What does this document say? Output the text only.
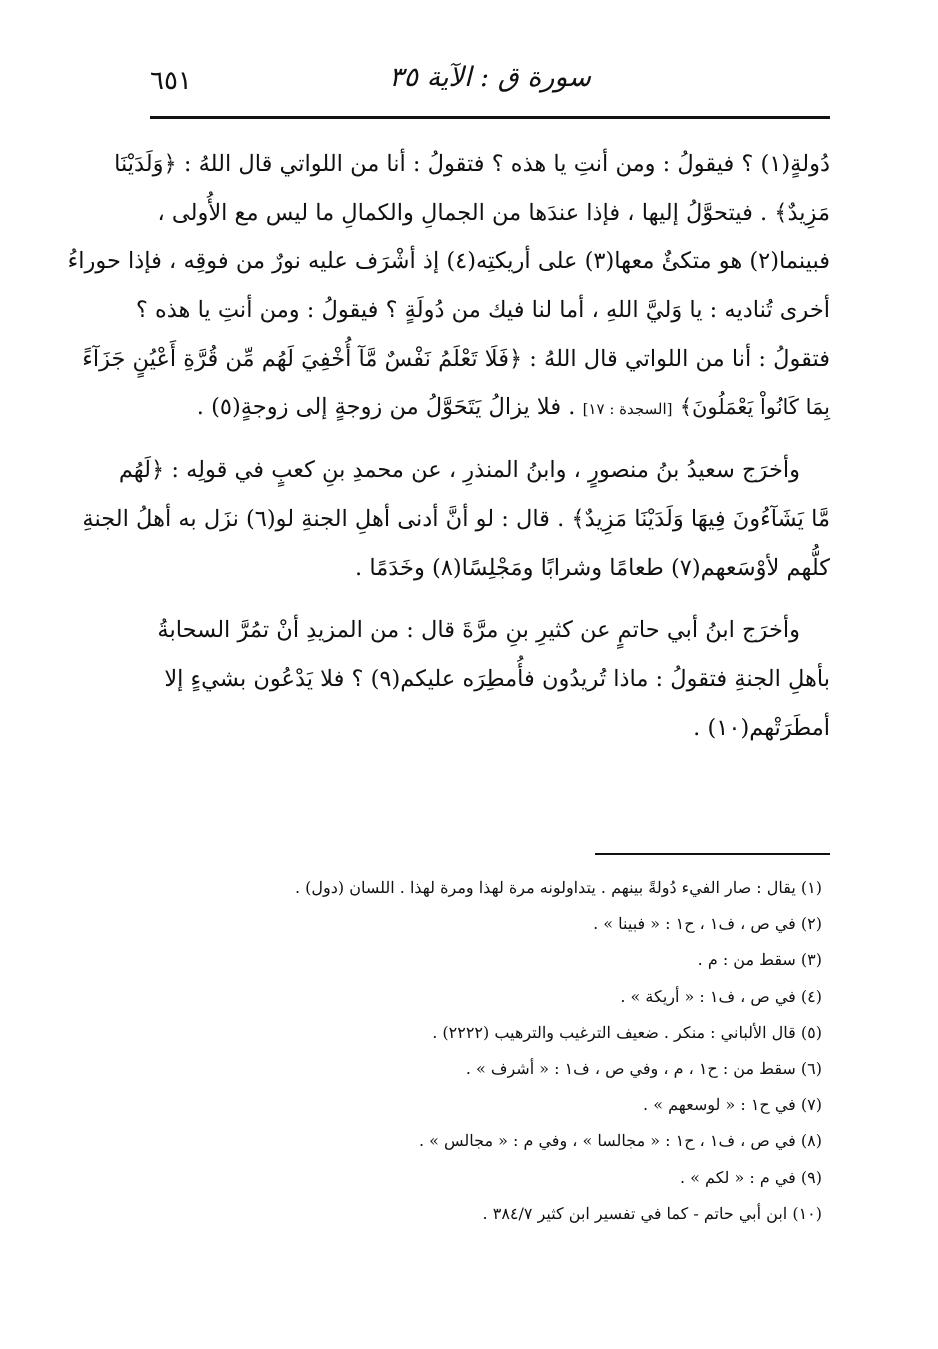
سورة ق : الآية ٣٥
٦٥١
دُولةٍ(١) ؟ فيقولُ : ومن أنتِ يا هذه ؟ فتقولُ : أنا من اللواتي قال اللهُ : ﴿وَلَدَيْنَا
مَزِيدٌ﴾ . فيتحوَّلُ إليها ، فإذا عندَها من الجمالِ والكمالِ ما ليس مع الأُولى ،
فبينما(٢) هو متكئٌ معها(٣) على أريكتِه(٤) إذ أشْرَف عليه نورٌ من فوقِه ، فإذا حوراءُ
أخرى تُناديه : يا وَليَّ اللهِ ، أما لنا فيك من دُولَةٍ ؟ فيقولُ : ومن أنتِ يا هذه ؟
فتقولُ : أنا من اللواتي قال اللهُ : ﴿فَلَا تَعْلَمُ نَفْسٌ مَّآ أُخْفِيَ لَهُم مِّن قُرَّةِ أَعْيُنٍ جَزَآءً
بِمَا كَانُواْ يَعْمَلُونَ﴾ [السجدة : ١٧] . فلا يزالُ يَتَحَوَّلُ من زوجةٍ إلى زوجةٍ(٥) .
وأخرَج سعيدُ بنُ منصورٍ ، وابنُ المنذرِ ، عن محمدِ بنِ كعبٍ في قولِه : ﴿لَهُم
مَّا يَشَآءُونَ فِيهَا وَلَدَيْنَا مَزِيدٌ﴾ . قال : لو أنَّ أدنى أهلِ الجنةِ لو(٦) نزَل به أهلُ الجنةِ
كلُّهم لأوْسَعهم(٧) طعامًا وشرابًا ومَجْلِسًا(٨) وخَدَمًا .
وأخرَج ابنُ أبي حاتمٍ عن كثيرِ بنِ مرَّةَ قال : من المزيدِ أنْ تمُرَّ السحابةُ
بأهلِ الجنةِ فتقولُ : ماذا تُريدُون فأُمطِرَه عليكم(٩) ؟ فلا يَدْعُون بشيءٍ إلا
أمطَرَتْهم(١٠) .
(١) يقال : صار الفيء دُولةً بينهم . يتداولونه مرة لهذا ومرة لهذا . اللسان (دول) .
(٢) في ص ، ف١ ، ح١ : « فبينا » .
(٣) سقط من : م .
(٤) في ص ، ف١ : « أريكة » .
(٥) قال الألباني : منكر . ضعيف الترغيب والترهيب (٢٢٢٢) .
(٦) سقط من : ح١ ، م ، وفي ص ، ف١ : « أشرف » .
(٧) في ح١ : « لوسعهم » .
(٨) في ص ، ف١ ، ح١ : « مجالسا » ، وفي م : « مجالس » .
(٩) في م : « لكم » .
(١٠) ابن أبي حاتم - كما في تفسير ابن كثير ٣٨٤/٧ .
